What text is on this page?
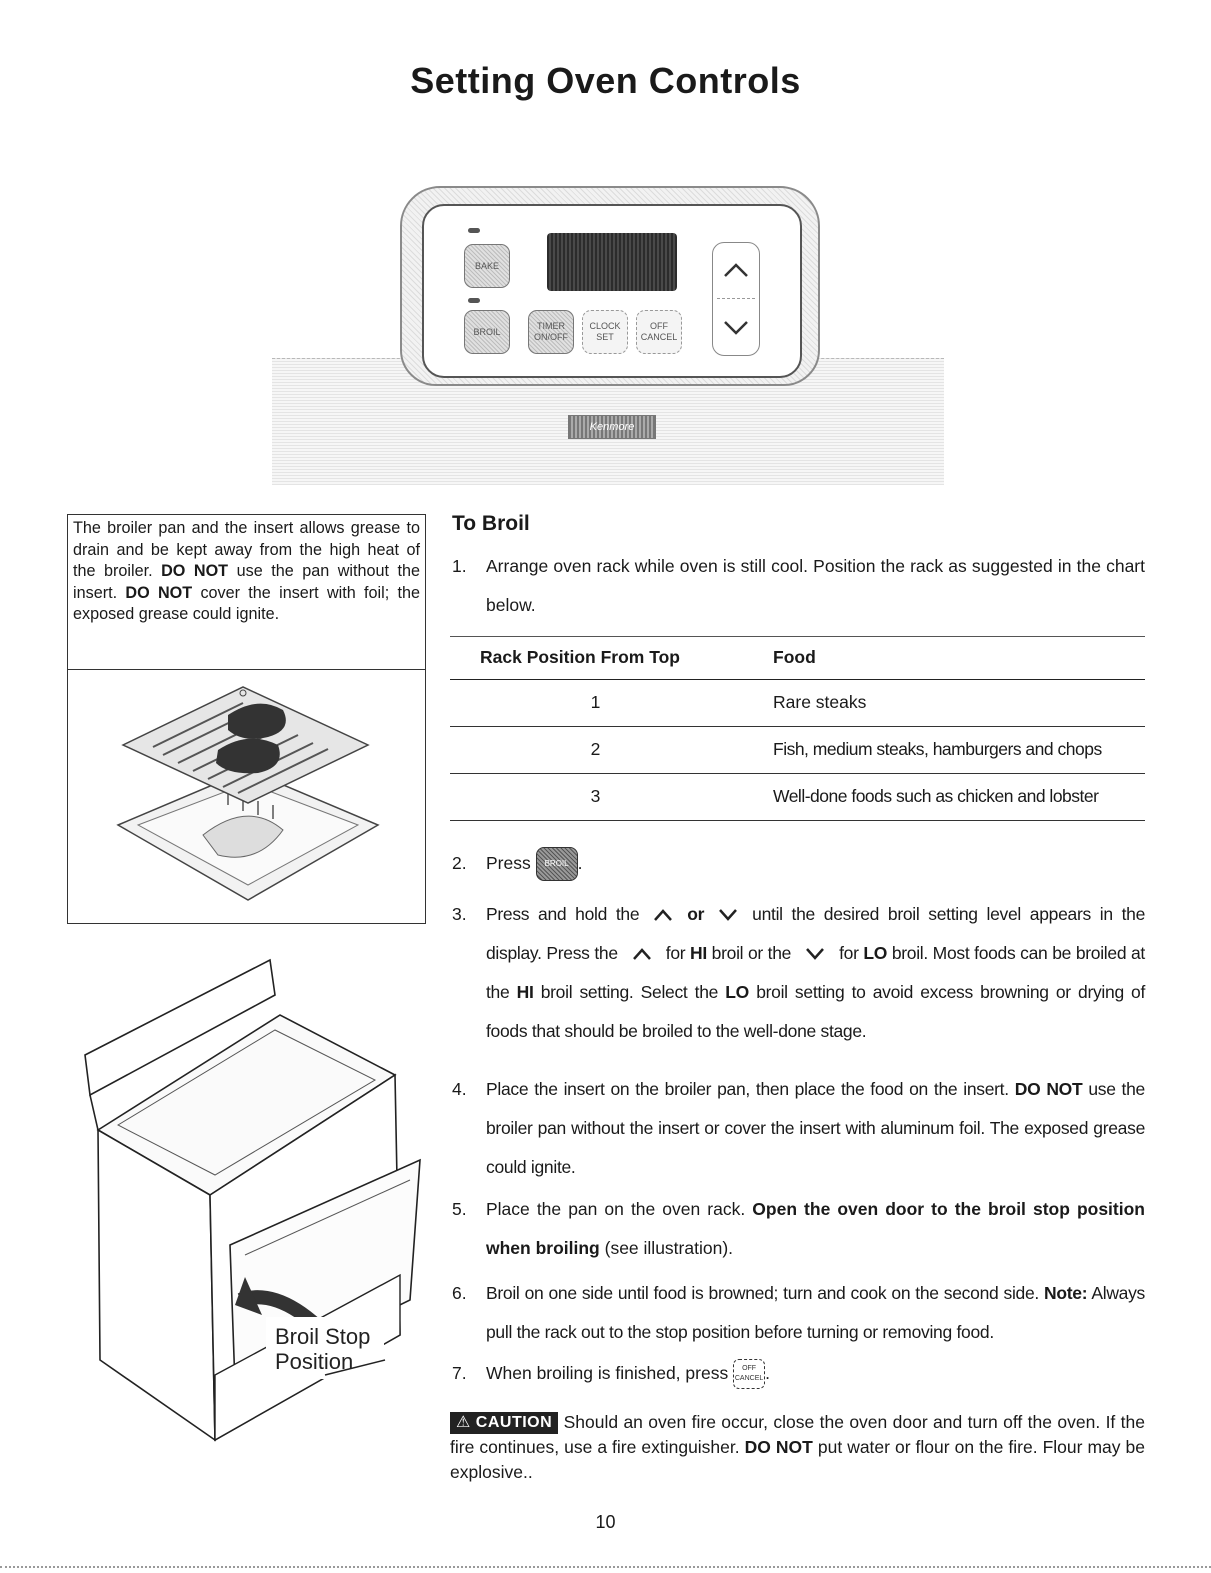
Setting Oven Controls
BAKE
BROIL
TIMER ON/OFF
CLOCK SET
OFF CANCEL
Kenmore
The broiler pan and the insert allows grease to drain and be kept away from the high heat of the broiler. DO NOT use the pan without the insert. DO NOT cover the insert with foil; the exposed grease could ignite.
Broil Stop
Position
To Broil
1.	Arrange oven rack while oven is still cool. Position the rack as suggested in the chart below.
Rack Position From Top	Food
1	Rare steaks
2	Fish, medium steaks, hamburgers and chops
3	Well-done foods such as chicken and lobster
2.	Press BROIL .
3.	Press and hold the	or	until the desired broil setting level appears in the display. Press the	for HI broil or the	for LO broil. Most foods can be broiled at the HI broil setting. Select the LO broil setting to avoid excess browning or drying of foods that should be broiled to the well-done stage.
4.	Place the insert on the broiler pan, then place the food on the insert. DO NOT use the broiler pan without the insert or cover the insert with aluminum foil. The exposed grease could ignite.
5.	Place the pan on the oven rack. Open the oven door to the broil stop position when broiling (see illustration).
6.	Broil on one side until food is browned; turn and cook on the second side. Note: Always pull the rack out to the stop position before turning or removing food.
7.	When broiling is finished, press OFF
CANCEL .
⚠ CAUTION Should an oven fire occur, close the oven door and turn off the oven. If the fire continues, use a fire extinguisher. DO NOT put water or flour on the fire. Flour may be explosive..
10
